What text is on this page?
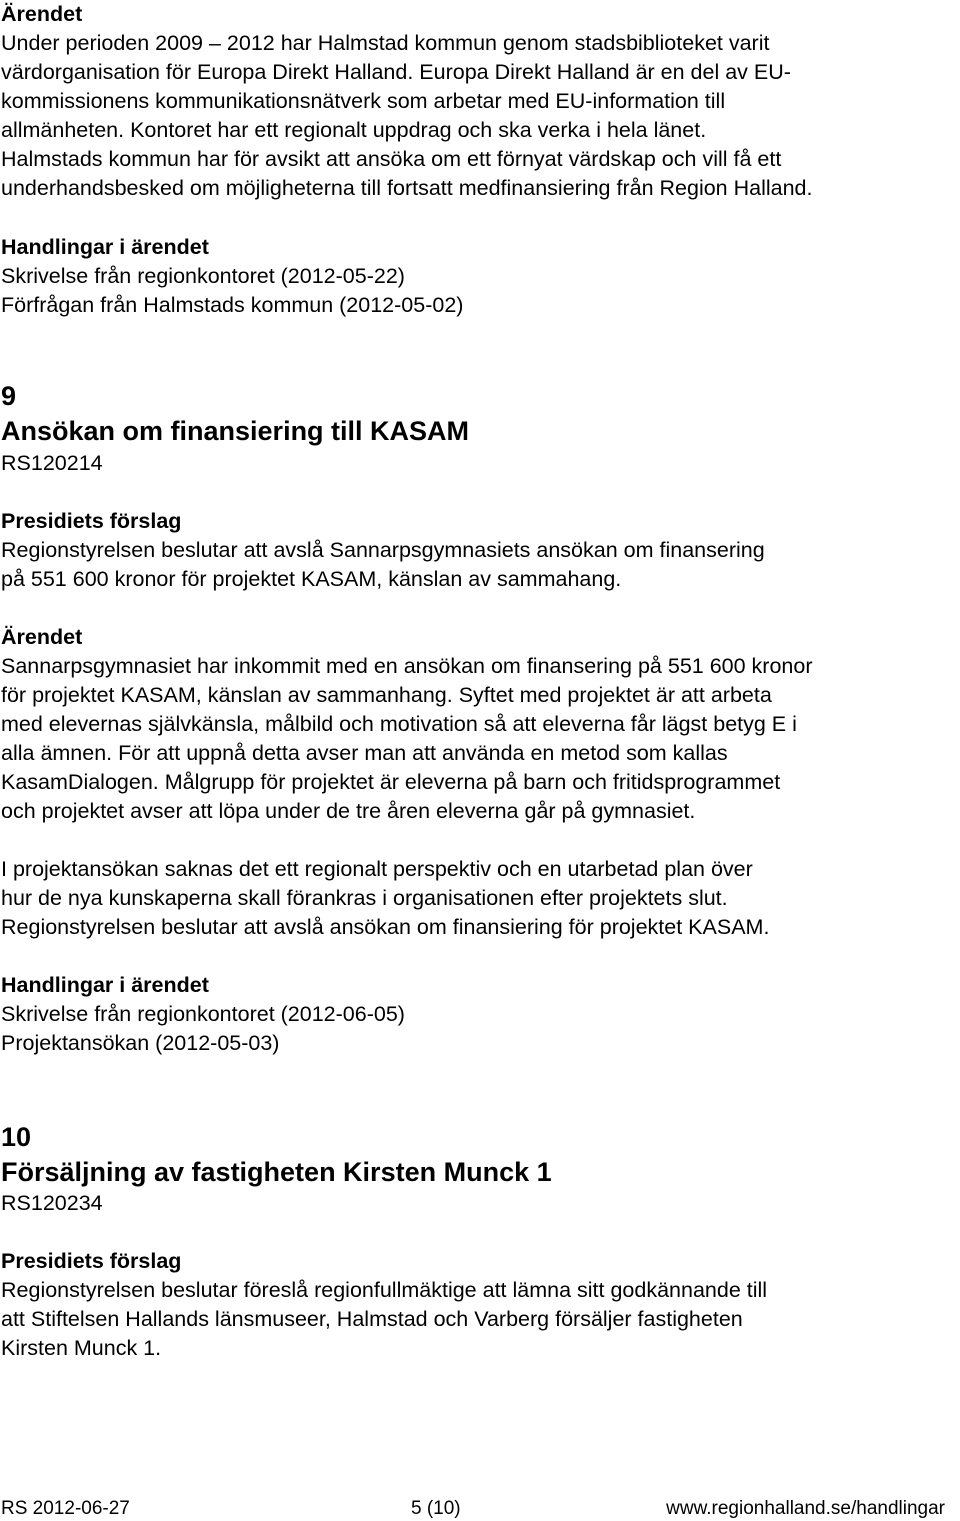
Ärendet
Under perioden 2009 – 2012 har Halmstad kommun genom stadsbiblioteket varit
värdorganisation för Europa Direkt Halland. Europa Direkt Halland är en del av EU-
kommissionens kommunikationsnätverk som arbetar med EU-information till
allmänheten. Kontoret har ett regionalt uppdrag och ska verka i hela länet.
Halmstads kommun har för avsikt att ansöka om ett förnyat värdskap och vill få ett
underhandsbesked om möjligheterna till fortsatt medfinansiering från Region Halland.
Handlingar i ärendet
Skrivelse från regionkontoret (2012-05-22)
Förfrågan från Halmstads kommun (2012-05-02)
9
Ansökan om finansiering till KASAM
RS120214
Presidiets förslag
Regionstyrelsen beslutar att avslå Sannarpsgymnasiets ansökan om finansering
på 551 600 kronor för projektet KASAM, känslan av sammahang.
Ärendet
Sannarpsgymnasiet har inkommit med en ansökan om finansering på 551 600 kronor
för projektet KASAM, känslan av sammanhang. Syftet med projektet är att arbeta
med elevernas självkänsla, målbild och motivation så att eleverna får lägst betyg E i
alla ämnen. För att uppnå detta avser man att använda en metod som kallas
KasamDialogen. Målgrupp för projektet är eleverna på barn och fritidsprogrammet
och projektet avser att löpa under de tre åren eleverna går på gymnasiet.
I projektansökan saknas det ett regionalt perspektiv och en utarbetad plan över
hur de nya kunskaperna skall förankras i organisationen efter projektets slut.
Regionstyrelsen beslutar att avslå ansökan om finansiering för projektet KASAM.
Handlingar i ärendet
Skrivelse från regionkontoret (2012-06-05)
Projektansökan (2012-05-03)
10
Försäljning av fastigheten Kirsten Munck 1
RS120234
Presidiets förslag
Regionstyrelsen beslutar föreslå regionfullmäktige att lämna sitt godkännande till
att Stiftelsen Hallands länsmuseer, Halmstad och Varberg försäljer fastigheten
Kirsten Munck 1.
RS 2012-06-27	5 (10)	www.regionhalland.se/handlingar
